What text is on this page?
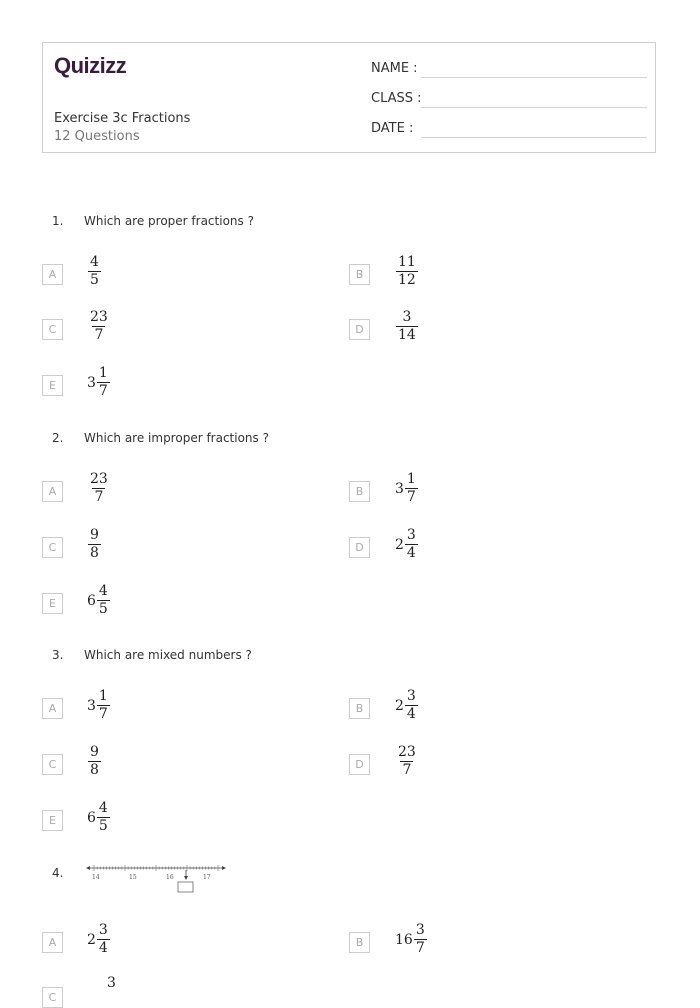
Quizizz
Exercise 3c Fractions
12 Questions
NAME :
CLASS :
DATE :
1. Which are proper fractions ?
A	$\frac{4}{5}$	B	$\frac{11}{12}$
C	$\frac{23}{7}$	D	$\frac{3}{14}$
E	$3 \frac{1}{7}$
2. Which are improper fractions ?
A	$\frac{23}{7}$	B	$3 \frac{1}{7}$
C	$\frac{9}{8}$	D	$2 \frac{3}{4}$
E	$6 \frac{4}{5}$
3. Which are mixed numbers ?
A	$3 \frac{1}{7}$	B	$2 \frac{3}{4}$
C	$\frac{9}{8}$	D	$\frac{23}{7}$
E	$6 \frac{4}{5}$
4.	14	15	16	17
A	$2 \frac{3}{4}$	B	$16 \frac{3}{7}$
C
3
